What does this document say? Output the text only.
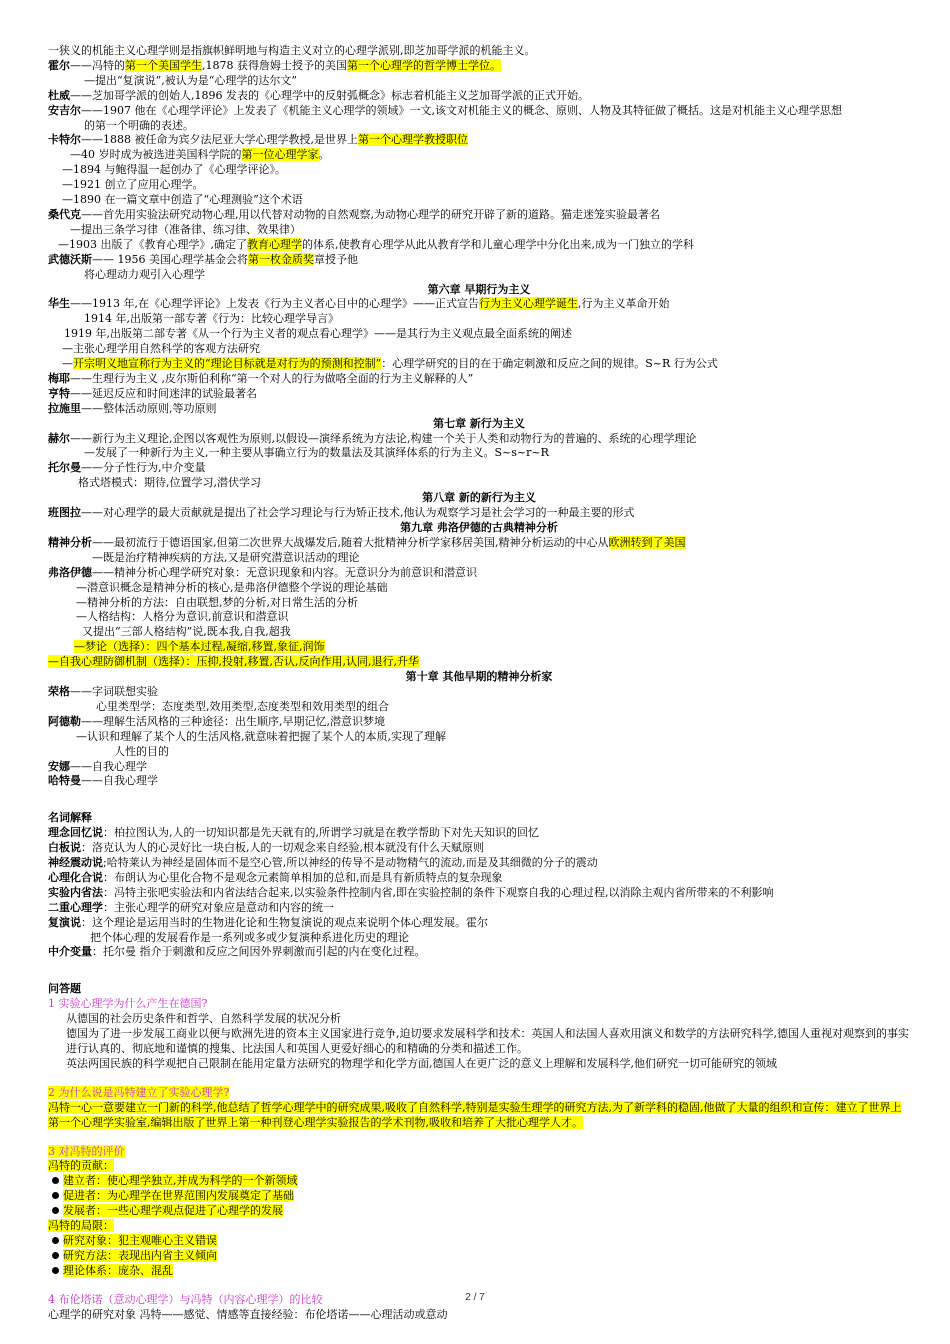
一狭义的机能主义心理学则是指旗帜鲜明地与构造主义对立的心理学派别,即芝加哥学派的机能主义。
霍尔——冯特的第一个美国学生,1878 获得詹姆士授予的美国第一个心理学的哲学博士学位。
—提出“复演说”,被认为是“心理学的达尔文”
杜威——芝加哥学派的创始人,1896 发表的《心理学中的反射弧概念》标志着机能主义芝加哥学派的正式开始。
安吉尔——1907 他在《心理学评论》上发表了《机能主义心理学的领域》一文,该文对机能主义的概念、原则、人物及其特征做了概括。这是对机能主义心理学思想
的第一个明确的表述。
卡特尔——1888 被任命为宾夕法尼亚大学心理学教授,是世界上第一个心理学教授职位
—40 岁时成为被选进美国科学院的第一位心理学家。
—1894 与鲍得温一起创办了《心理学评论》。
—1921 创立了应用心理学。
—1890 在一篇文章中创造了“心理测验”这个术语
桑代克——首先用实验法研究动物心理,用以代替对动物的自然观察,为动物心理学的研究开辟了新的道路。猫走迷笼实验最著名
—提出三条学习律（准备律、练习律、效果律）
—1903 出版了《教育心理学》,确定了教育心理学的体系,使教育心理学从此从教育学和儿童心理学中分化出来,成为一门独立的学科
武德沃斯—— 1956 美国心理学基金会将第一枚金质奖章授予他
将心理动力观引入心理学
第六章 早期行为主义
华生——1913 年,在《心理学评论》上发表《行为主义者心目中的心理学》——正式宣告行为主义心理学诞生,行为主义革命开始
1914 年,出版第一部专著《行为：比较心理学导言》
1919 年,出版第二部专著《从一个行为主义者的观点看心理学》——是其行为主义观点最全面系统的阐述
—主张心理学用自然科学的客观方法研究
—开宗明义地宣称行为主义的“理论目标就是对行为的预测和控制”：心理学研究的目的在于确定刺激和反应之间的规律。S~R 行为公式
梅耶——生理行为主义 ,皮尔斯伯利称“第一个对人的行为做咯全面的行为主义解释的人”
亨特——延迟反应和时间迷津的试验最著名
拉施里——整体活动原则,等功原则
第七章 新行为主义
赫尔——新行为主义理论,企图以客观性为原则,以假设—演绎系统为方法论,构建一个关于人类和动物行为的普遍的、系统的心理学理论
—发展了一种新行为主义,一种主要从事确立行为的数量法及其演绎体系的行为主义。S~s~r~R
托尔曼——分子性行为,中介变量
格式塔模式：期待,位置学习,潜伏学习
第八章 新的新行为主义
班图拉——对心理学的最大贡献就是提出了社会学习理论与行为矫正技术,他认为观察学习是社会学习的一种最主要的形式
第九章 弗洛伊德的古典精神分析
精神分析——最初流行于德语国家,但第二次世界大战爆发后,随着大批精神分析学家移居美国,精神分析运动的中心从欧洲转到了美国
—既是治疗精神疾病的方法,又是研究潜意识活动的理论
弗洛伊德——精神分析心理学研究对象：无意识现象和内容。无意识分为前意识和潜意识
—潜意识概念是精神分析的核心,是弗洛伊德整个学说的理论基础
—精神分析的方法：自由联想,梦的分析,对日常生活的分析
—人格结构：人格分为意识,前意识和潜意识
又提出“三部人格结构”说,既本我,自我,超我
—梦论（选择）：四个基本过程,凝缩,移置,象征,润饰
—自我心理防御机制（选择）：压抑,投射,移置,否认,反向作用,认同,退行,升华
第十章 其他早期的精神分析家
荣格——字词联想实验
心里类型学：态度类型,效用类型,态度类型和效用类型的组合
阿德勒——理解生活风格的三种途径：出生顺序,早期记忆,潜意识梦境
—认识和理解了某个人的生活风格,就意味着把握了某个人的本质,实现了理解
人性的目的
安娜——自我心理学
哈特曼——自我心理学
名词解释
理念回忆说：柏拉图认为,人的一切知识都是先天就有的,所谓学习就是在教学帮助下对先天知识的回忆
白板说：洛克认为人的心灵好比一块白板,人的一切观念来自经验,根本就没有什么天赋原则
神经震动说;哈特莱认为神经是固体而不是空心管,所以神经的传导不是动物精气的流动,而是及其细微的分子的震动
心理化合说：布朗认为心里化合物不是观念元素简单相加的总和,而是具有新质特点的复杂现象
实验内省法：冯特主张吧实验法和内省法结合起来,以实验条件控制内省,即在实验控制的条件下观察自我的心理过程,以消除主观内省所带来的不利影响
二重心理学：主张心理学的研究对象应是意动和内容的统一
复演说：这个理论是运用当时的生物进化论和生物复演说的观点来说明个体心理发展。霍尔
把个体心理的发展看作是一系列或多或少复演种系进化历史的理论
中介变量：托尔曼 指介于刺激和反应之间因外界刺激而引起的内在变化过程。
问答题
1 实验心理学为什么产生在德国?
从德国的社会历史条件和哲学、自然科学发展的状况分析
德国为了进一步发展工商业以便与欧洲先进的资本主义国家进行竞争,迫切要求发展科学和技术：英国人和法国人喜欢用演义和数学的方法研究科学,德国人重视对观察到的事实进行认真的、彻底地和谨慎的搜集、比法国人和英国人更爱好细心的和精确的分类和描述工作。
英法两国民族的科学观把自己限制在能用定量方法研究的物理学和化学方面,德国人在更广泛的意义上理解和发展科学,他们研究一切可能研究的领域
2 为什么说是冯特建立了实验心理学?
冯特一心一意要建立一门新的科学,他总结了哲学心理学中的研究成果,吸收了自然科学,特别是实验生理学的研究方法,为了新学科的稳固,他做了大量的组织和宣传：建立了世界上第一个心理学实验室,编辑出版了世界上第一种刊登心理学实验报告的学术刊物,吸收和培养了大批心理学人才。
3 对冯特的评价
冯特的贡献：
建立者：使心理学独立,并成为科学的一个新领域
促进者：为心理学在世界范围内发展奠定了基础
发展者：一些心理学观点促进了心理学的发展
冯特的局限：
研究对象：犯主观唯心主义错误
研究方法：表现出内省主义倾向
理论体系：庞杂、混乱
4 布伦塔诺（意动心理学）与冯特（内容心理学）的比较
心理学的研究对象 冯特——感觉、情感等直接经验：布伦塔诺——心理活动或意动
2 / 7
